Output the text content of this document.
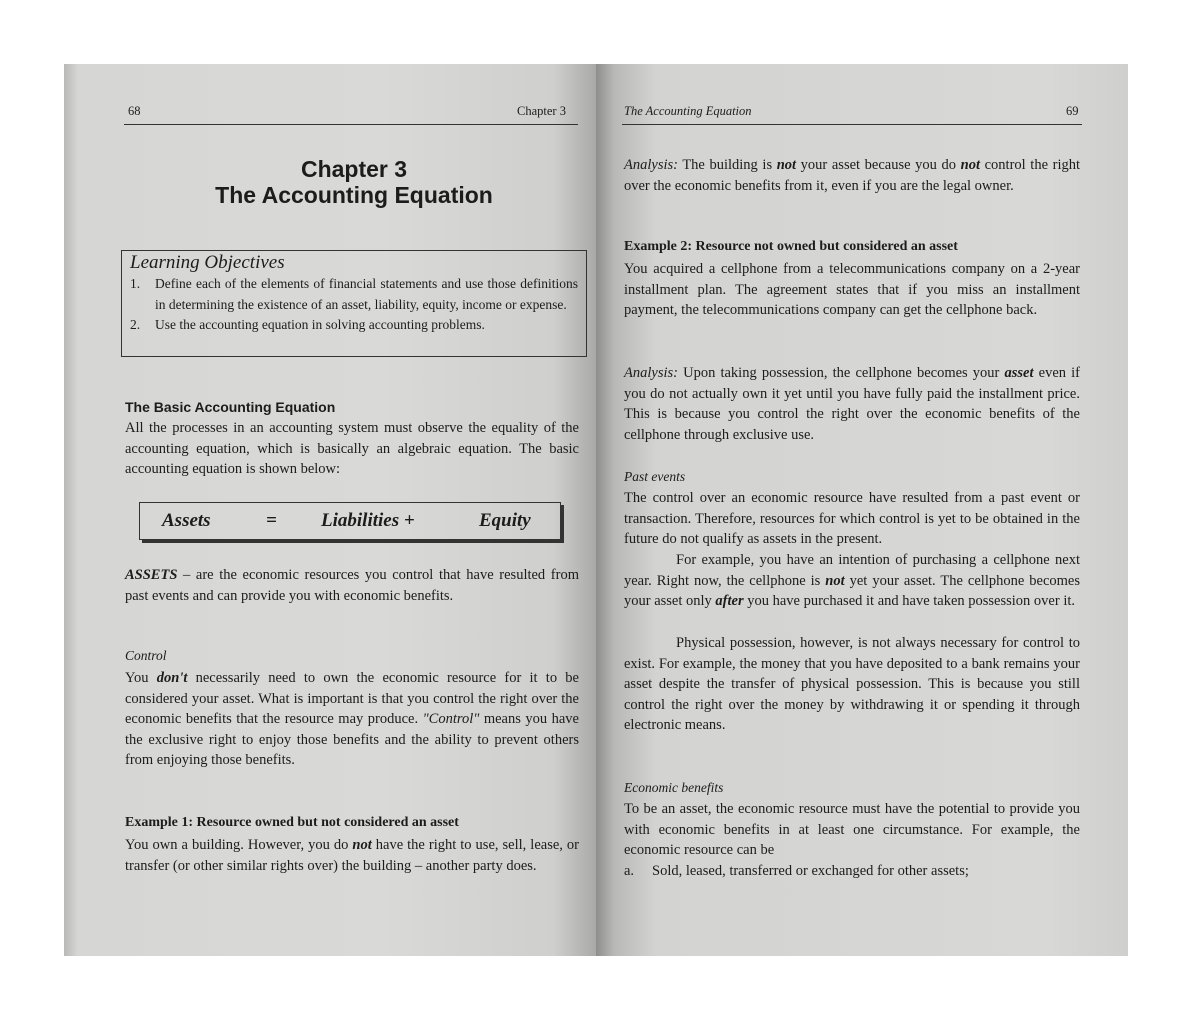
68	Chapter 3
Chapter 3
The Accounting Equation
Learning Objectives
1. Define each of the elements of financial statements and use those definitions in determining the existence of an asset, liability, equity, income or expense.
2. Use the accounting equation in solving accounting problems.
The Basic Accounting Equation
All the processes in an accounting system must observe the equality of the accounting equation, which is basically an algebraic equation. The basic accounting equation is shown below:
Assets	= Liabilities +	Equity
ASSETS – are the economic resources you control that have resulted from past events and can provide you with economic benefits.
Control
You don't necessarily need to own the economic resource for it to be considered your asset. What is important is that you control the right over the economic benefits that the resource may produce. "Control" means you have the exclusive right to enjoy those benefits and the ability to prevent others from enjoying those benefits.
Example 1: Resource owned but not considered an asset
You own a building. However, you do not have the right to use, sell, lease, or transfer (or other similar rights over) the building – another party does.
The Accounting Equation	69
Analysis: The building is not your asset because you do not control the right over the economic benefits from it, even if you are the legal owner.
Example 2: Resource not owned but considered an asset
You acquired a cellphone from a telecommunications company on a 2-year installment plan. The agreement states that if you miss an installment payment, the telecommunications company can get the cellphone back.
Analysis: Upon taking possession, the cellphone becomes your asset even if you do not actually own it yet until you have fully paid the installment price. This is because you control the right over the economic benefits of the cellphone through exclusive use.
Past events
The control over an economic resource have resulted from a past event or transaction. Therefore, resources for which control is yet to be obtained in the future do not qualify as assets in the present.
For example, you have an intention of purchasing a cellphone next year. Right now, the cellphone is not yet your asset. The cellphone becomes your asset only after you have purchased it and have taken possession over it.
Physical possession, however, is not always necessary for control to exist. For example, the money that you have deposited to a bank remains your asset despite the transfer of physical possession. This is because you still control the right over the money by withdrawing it or spending it through electronic means.
Economic benefits
To be an asset, the economic resource must have the potential to provide you with economic benefits in at least one circumstance. For example, the economic resource can be
a. Sold, leased, transferred or exchanged for other assets;
